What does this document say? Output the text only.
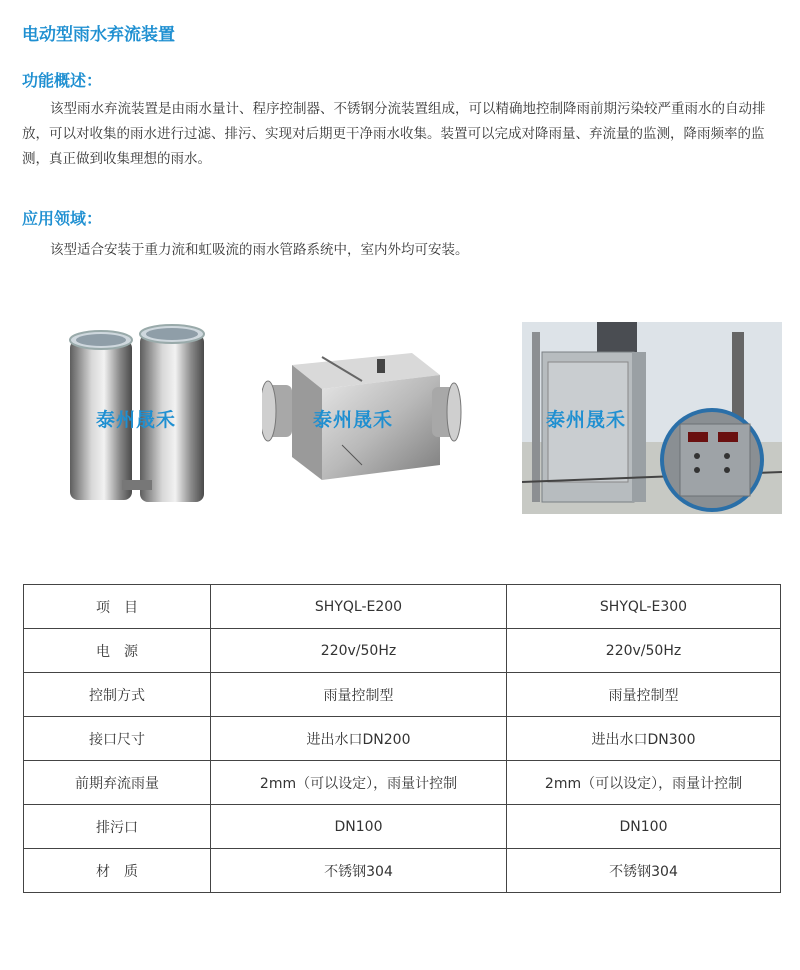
电动型雨水弃流装置
功能概述：
该型雨水弃流装置是由雨水量计、程序控制器、不锈钢分流装置组成，可以精确地控制降雨前期污染较严重雨水的自动排放，可以对收集的雨水进行过滤、排污、实现对后期更干净雨水收集。装置可以完成对降雨量、弃流量的监测，降雨频率的监测，真正做到收集理想的雨水。
应用领域：
该型适合安装于重力流和虹吸流的雨水管路系统中，室内外均可安装。
泰州晟禾	泰州晟禾	泰州晟禾
项　目	SHYQL-E200	SHYQL-E300
电　源	220v/50Hz	220v/50Hz
控制方式	雨量控制型	雨量控制型
接口尺寸	进出水口DN200	进出水口DN300
前期弃流雨量	2mm（可以设定），雨量计控制	2mm（可以设定），雨量计控制
排污口	DN100	DN100
材　质	不锈钢304	不锈钢304
